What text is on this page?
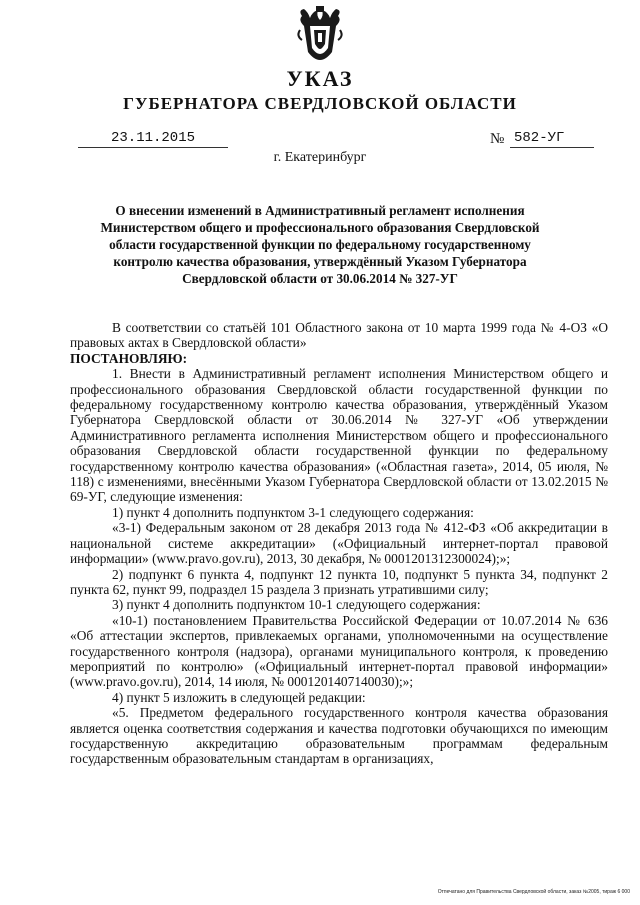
УКАЗ
ГУБЕРНАТОРА СВЕРДЛОВСКОЙ ОБЛАСТИ
23.11.2015	№ 582-УГ
г. Екатеринбург
О внесении изменений в Административный регламент исполнения Министерством общего и профессионального образования Свердловской области государственной функции по федеральному государственному контролю качества образования, утверждённый Указом Губернатора Свердловской области от 30.06.2014 № 327-УГ

В соответствии со статьёй 101 Областного закона от 10 марта 1999 года № 4-ОЗ «О правовых актах в Свердловской области»

ПОСТАНОВЛЯЮ:

1. Внести в Административный регламент исполнения Министерством общего и профессионального образования Свердловской области государственной функции по федеральному государственному контролю качества образования, утверждённый Указом Губернатора Свердловской области от 30.06.2014 № 327-УГ «Об утверждении Административного регламента исполнения Министерством общего и профессионального образования Свердловской области государственной функции по федеральному государственному контролю качества образования» («Областная газета», 2014, 05 июля, № 118) с изменениями, внесёнными Указом Губернатора Свердловской области от 13.02.2015 № 69-УГ, следующие изменения:

1) пункт 4 дополнить подпунктом 3-1 следующего содержания:

«3-1) Федеральным законом от 28 декабря 2013 года № 412-ФЗ «Об аккредитации в национальной системе аккредитации» («Официальный интернет-портал правовой информации» (www.pravo.gov.ru), 2013, 30 декабря, № 0001201312300024);»;

2) подпункт 6 пункта 4, подпункт 12 пункта 10, подпункт 5 пункта 34, подпункт 2 пункта 62, пункт 99, подраздел 15 раздела 3 признать утратившими силу;

3) пункт 4 дополнить подпунктом 10-1 следующего содержания:

«10-1) постановлением Правительства Российской Федерации от 10.07.2014 № 636 «Об аттестации экспертов, привлекаемых органами, уполномоченными на осуществление государственного контроля (надзора), органами муниципального контроля, к проведению мероприятий по контролю» («Официальный интернет-портал правовой информации» (www.pravo.gov.ru), 2014, 14 июля, № 0001201407140030);»;

4) пункт 5 изложить в следующей редакции:

«5. Предметом федерального государственного контроля качества образования является оценка соответствия содержания и качества подготовки обучающихся по имеющим государственную аккредитацию образовательным программам федеральным государственным образовательным стандартам в организациях,

Отпечатано для Правительства Свердловской области, заказ №2005, тираж 6 000
